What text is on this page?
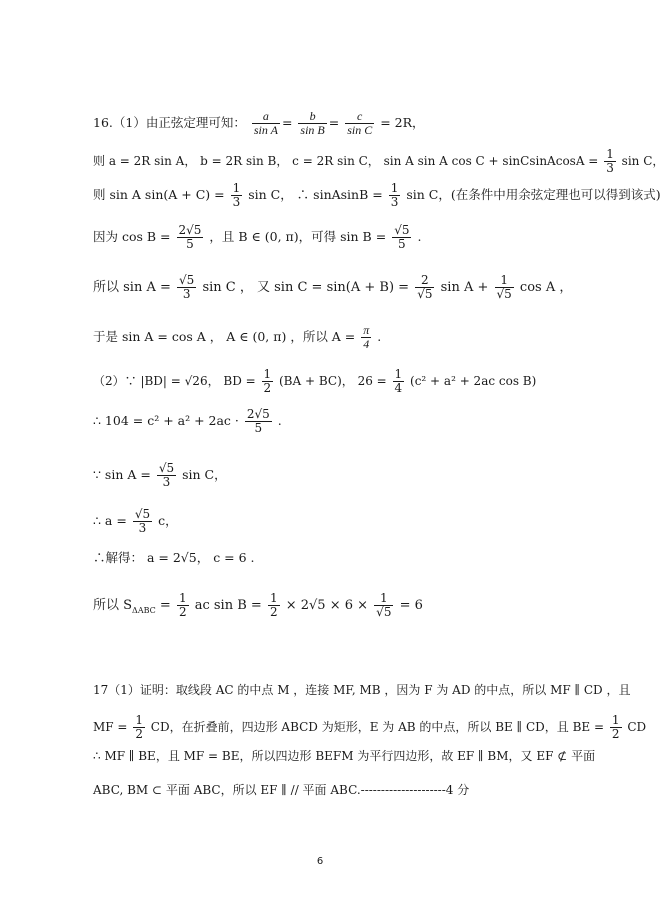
16.（1）由正弦定理可知： $\frac{a}{\text{sin A}} = \frac{b}{\text{sin B}} = \frac{c}{\text{sin C}} = 2R$，
则 a = 2R sin A， b = 2R sin B， c = 2R sin C， sin A sin A cos C + sinCsinAcosA = $\frac{1}{3}$ sin C，
则 sin A $\sin(A + C) = \frac{1}{3}$ sin C， ∴ sinAsinB = $\frac{1}{3}$ sin C，(在条件中用余弦定理也可以得到该式)
因为 $\cos B = \frac{2√5}{5}$ ，且 B ∈ (0, π)，可得 $\sin B = \frac{√5}{5}$ .
所以 $\sin A = \frac{√5}{3}$ sin C ， 又 $\sin C = \sin(A + B) = \frac{2}{√5}$ $\sin A + \frac{1}{√5}$ cos A ，
于是 sin A = cos A ， A ∈ (0, π) ，所以 $A = \frac{\pi}{4}$ .
（2）∵ |BD| = √26， BD = $\frac{1}{2} (BA + BC)$， $26 = \frac{1}{4} (c^2 + a^2 + 2ac$ cos B)
∴ $104 = c^2 + a^2 + 2ac \cdot \frac{2√5}{5}$ .
∵ $\sin A = \frac{√5}{3}$ sin C，
∴ $a = \frac{√5}{3}$ c，
∴解得： a = 2√5， c = 6 .
所以 $S_{\Delta ABC} = \frac{1}{2}$ ac $\sin B = \frac{1}{2} \times 2√5 \times 6 \times \frac{1}{√5} = 6$
17（1）证明：取线段 AC 的中点 M ，连接 MF, MB ，因为 F 为 AD 的中点，所以 MF ∥ CD ，且
MF = $\frac{1}{2}$ CD，在折叠前，四边形 ABCD 为矩形，E 为 AB 的中点，所以 BE ∥ CD，且 BE = $\frac{1}{2}$ CD
∴ MF ∥ BE，且 MF = BE，所以四边形 BEFM 为平行四边形，故 EF ∥ BM，又 EF ⊄ 平面
ABC, BM ⊂ 平面 ABC，所以 EF ∥ // 平面 ABC.---------------------4 分
6
